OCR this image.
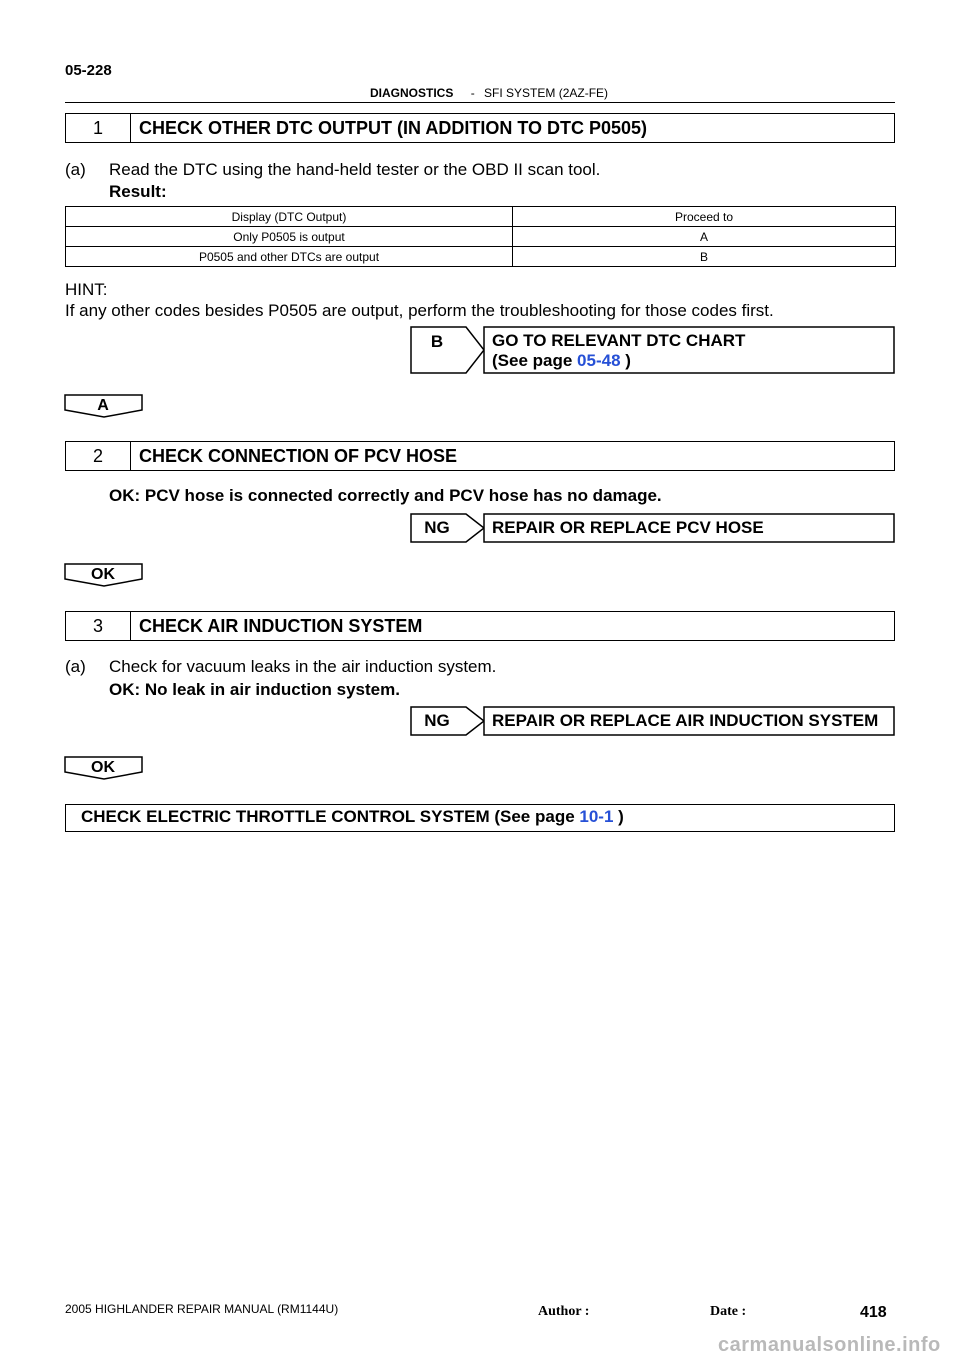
05-228
DIAGNOSTICS - SFI SYSTEM (2AZ-FE)
1	CHECK OTHER DTC OUTPUT (IN ADDITION TO DTC P0505)
(a) Read the DTC using the hand-held tester or the OBD II scan tool.
Result:
Display (DTC Output)	Proceed to
Only P0505 is output	A
P0505 and other DTCs are output	B
HINT:
If any other codes besides P0505 are output, perform the troubleshooting for those codes first.
B	GO TO RELEVANT DTC CHART
(See page 05-48 )
A
2	CHECK CONNECTION OF PCV HOSE
OK: PCV hose is connected correctly and PCV hose has no damage.
NG	REPAIR OR REPLACE PCV HOSE
OK
3	CHECK AIR INDUCTION SYSTEM
(a) Check for vacuum leaks in the air induction system.
OK: No leak in air induction system.
NG	REPAIR OR REPLACE AIR INDUCTION SYSTEM
OK
CHECK ELECTRIC THROTTLE CONTROL SYSTEM (See page 10-1 )
2005 HIGHLANDER REPAIR MANUAL (RM1144U)	Author :	Date :	418
carmanualsonline.info
